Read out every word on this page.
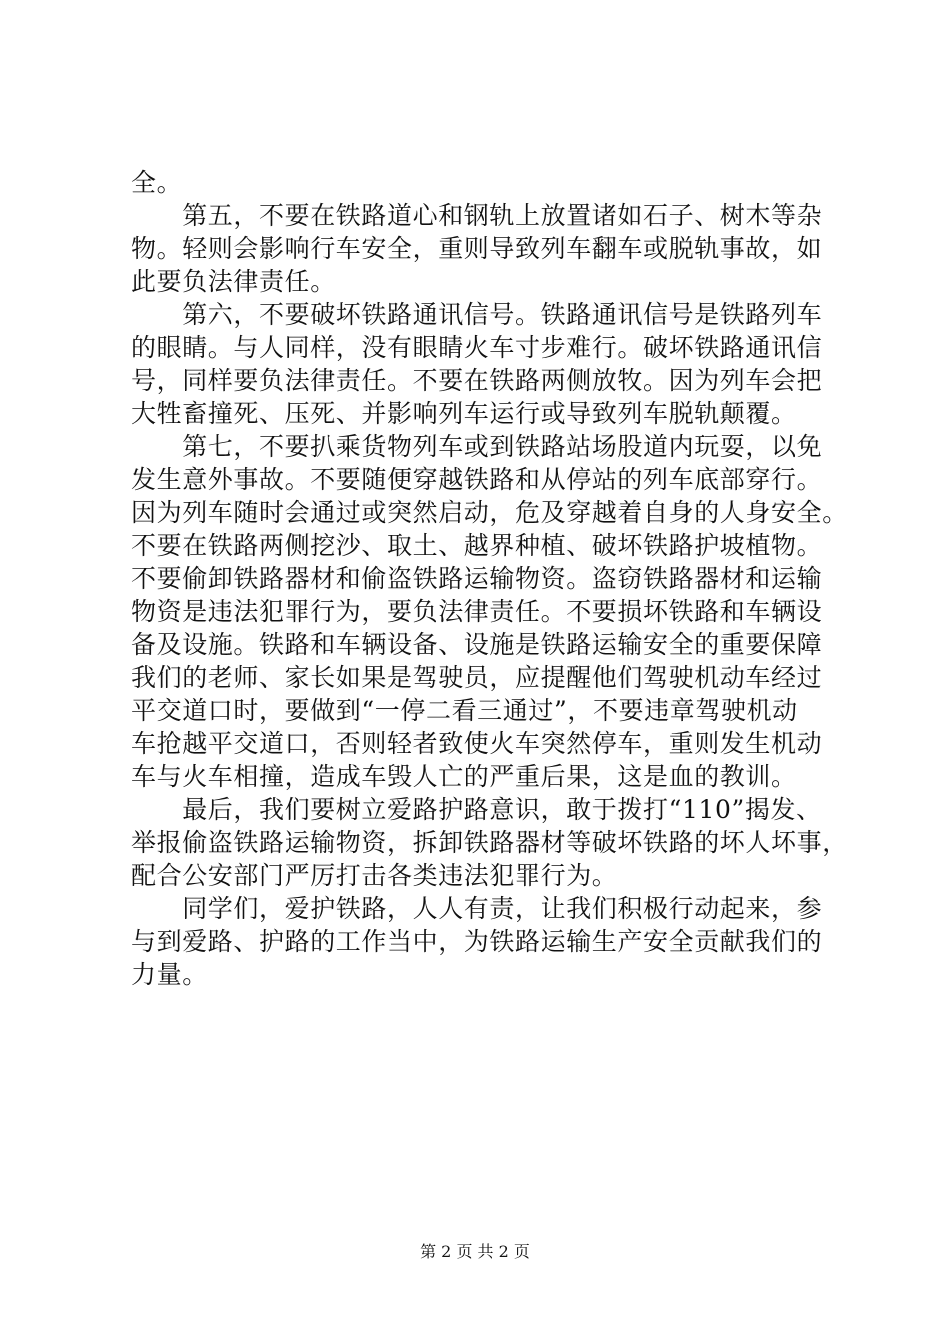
全。
　　第五，不要在铁路道心和钢轨上放置诸如石子、树木等杂
物。轻则会影响行车安全，重则导致列车翻车或脱轨事故，如
此要负法律责任。
　　第六，不要破坏铁路通讯信号。铁路通讯信号是铁路列车
的眼睛。与人同样，没有眼睛火车寸步难行。破坏铁路通讯信
号，同样要负法律责任。不要在铁路两侧放牧。因为列车会把
大牲畜撞死、压死、并影响列车运行或导致列车脱轨颠覆。
　　第七，不要扒乘货物列车或到铁路站场股道内玩耍，以免
发生意外事故。不要随便穿越铁路和从停站的列车底部穿行。
因为列车随时会通过或突然启动，危及穿越着自身的人身安全。
不要在铁路两侧挖沙、取土、越界种植、破坏铁路护坡植物。
不要偷卸铁路器材和偷盗铁路运输物资。盗窃铁路器材和运输
物资是违法犯罪行为，要负法律责任。不要损坏铁路和车辆设
备及设施。铁路和车辆设备、设施是铁路运输安全的重要保障
我们的老师、家长如果是驾驶员，应提醒他们驾驶机动车经过
平交道口时，要做到“一停二看三通过”，不要违章驾驶机动
车抢越平交道口，否则轻者致使火车突然停车，重则发生机动
车与火车相撞，造成车毁人亡的严重后果，这是血的教训。
　　最后，我们要树立爱路护路意识，敢于拨打“110”揭发、
举报偷盗铁路运输物资，拆卸铁路器材等破坏铁路的坏人坏事，
配合公安部门严厉打击各类违法犯罪行为。
　　同学们，爱护铁路，人人有责，让我们积极行动起来，参
与到爱路、护路的工作当中，为铁路运输生产安全贡献我们的
力量。
第 2 页 共 2 页
